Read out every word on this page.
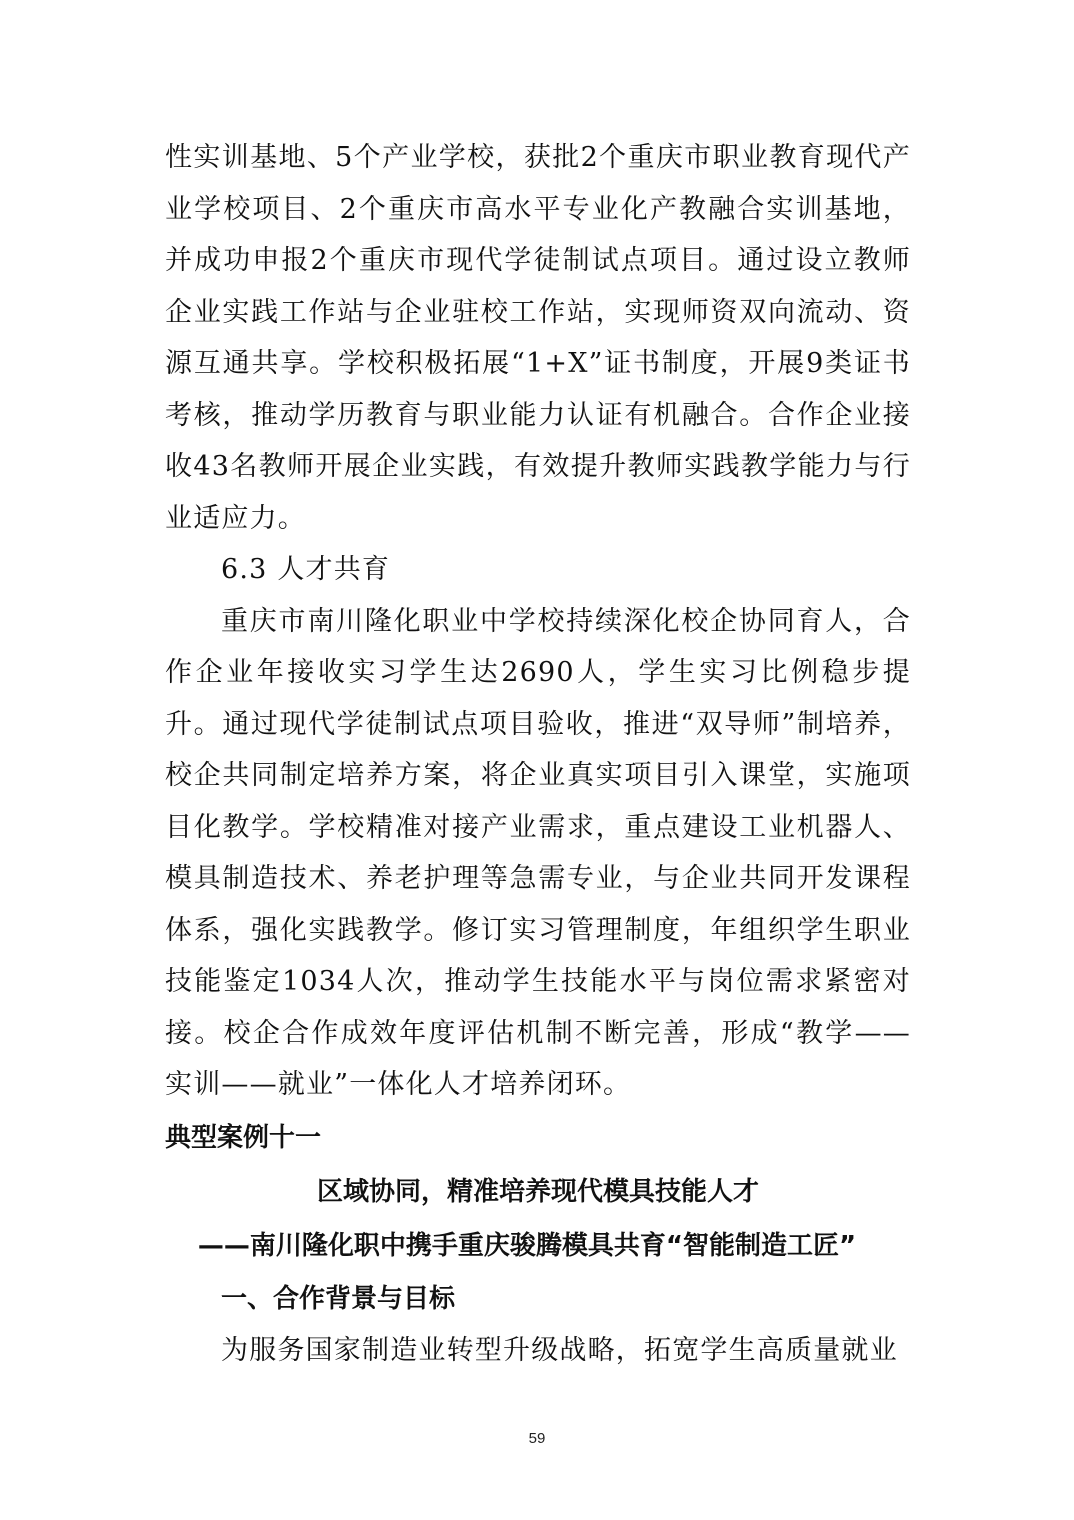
性实训基地、5个产业学校，获批2个重庆市职业教育现代产业学校项目、2个重庆市高水平专业化产教融合实训基地，并成功申报2个重庆市现代学徒制试点项目。通过设立教师企业实践工作站与企业驻校工作站，实现师资双向流动、资源互通共享。学校积极拓展“1+X”证书制度，开展9类证书考核，推动学历教育与职业能力认证有机融合。合作企业接收43名教师开展企业实践，有效提升教师实践教学能力与行业适应力。

6.3 人才共育

重庆市南川隆化职业中学校持续深化校企协同育人，合作企业年接收实习学生达2690人，学生实习比例稳步提升。通过现代学徒制试点项目验收，推进“双导师”制培养，校企共同制定培养方案，将企业真实项目引入课堂，实施项目化教学。学校精准对接产业需求，重点建设工业机器人、模具制造技术、养老护理等急需专业，与企业共同开发课程体系，强化实践教学。修订实习管理制度，年组织学生职业技能鉴定1034人次，推动学生技能水平与岗位需求紧密对接。校企合作成效年度评估机制不断完善，形成“教学——实训——就业”一体化人才培养闭环。

典型案例十一

区域协同，精准培养现代模具技能人才

——南川隆化职中携手重庆骏腾模具共育“智能制造工匠”

一、合作背景与目标

为服务国家制造业转型升级战略，拓宽学生高质量就业

59
